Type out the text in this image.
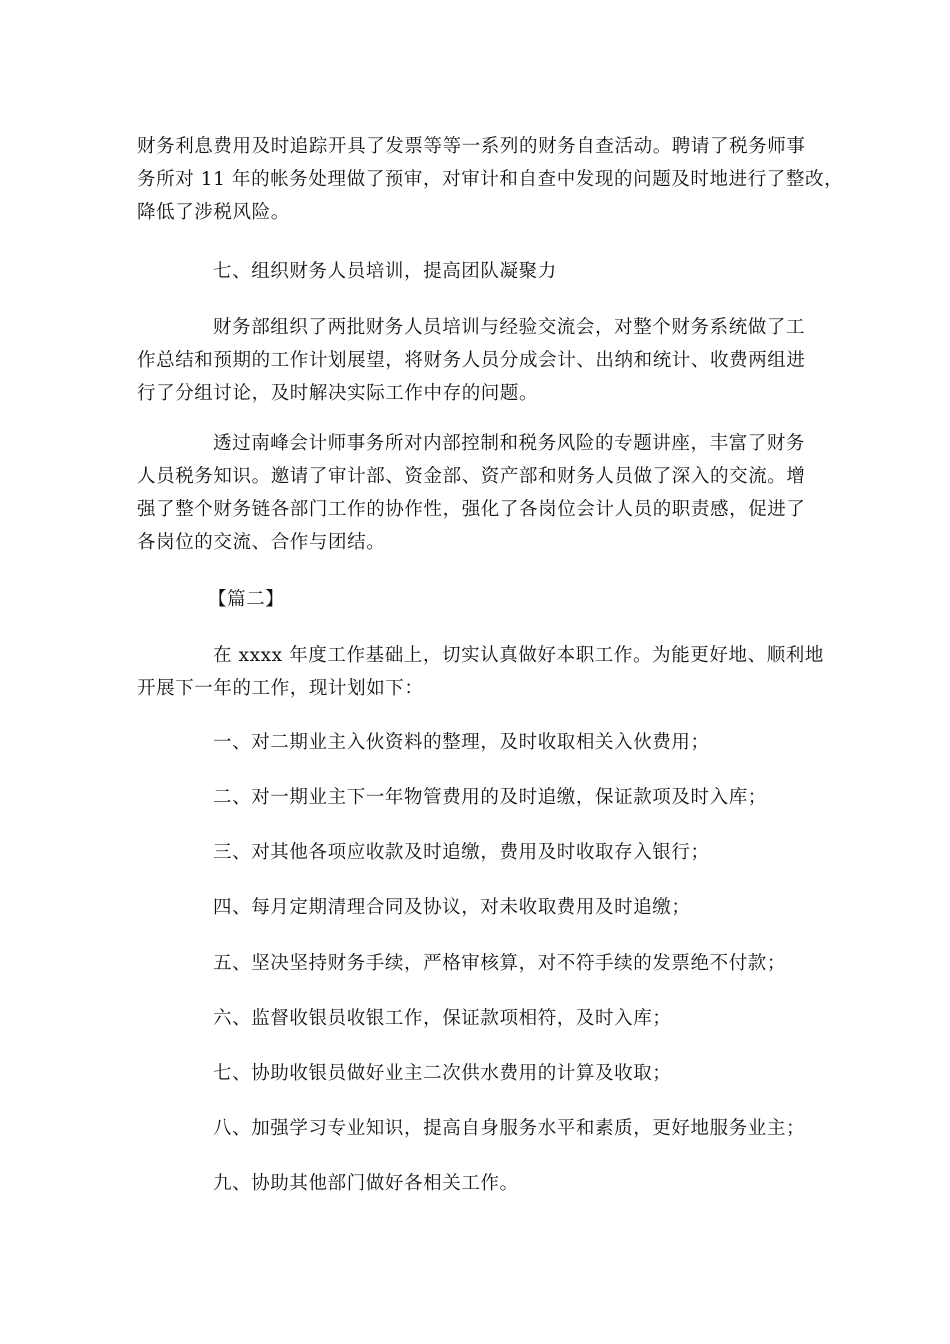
财务利息费用及时追踪开具了发票等等一系列的财务自查活动。聘请了税务师事
务所对 11 年的帐务处理做了预审，对审计和自查中发现的问题及时地进行了整改，
降低了涉税风险。

七、组织财务人员培训，提高团队凝聚力

财务部组织了两批财务人员培训与经验交流会，对整个财务系统做了工
作总结和预期的工作计划展望，将财务人员分成会计、出纳和统计、收费两组进
行了分组讨论，及时解决实际工作中存的问题。

透过南峰会计师事务所对内部控制和税务风险的专题讲座，丰富了财务
人员税务知识。邀请了审计部、资金部、资产部和财务人员做了深入的交流。增
强了整个财务链各部门工作的协作性，强化了各岗位会计人员的职责感，促进了
各岗位的交流、合作与团结。

【篇二】

在 xxxx 年度工作基础上，切实认真做好本职工作。为能更好地、顺利地
开展下一年的工作，现计划如下：

一、对二期业主入伙资料的整理，及时收取相关入伙费用；

二、对一期业主下一年物管费用的及时追缴，保证款项及时入库；

三、对其他各项应收款及时追缴，费用及时收取存入银行；

四、每月定期清理合同及协议，对未收取费用及时追缴；

五、坚决坚持财务手续，严格审核算，对不符手续的发票绝不付款；

六、监督收银员收银工作，保证款项相符，及时入库；

七、协助收银员做好业主二次供水费用的计算及收取；

八、加强学习专业知识，提高自身服务水平和素质，更好地服务业主；

九、协助其他部门做好各相关工作。
